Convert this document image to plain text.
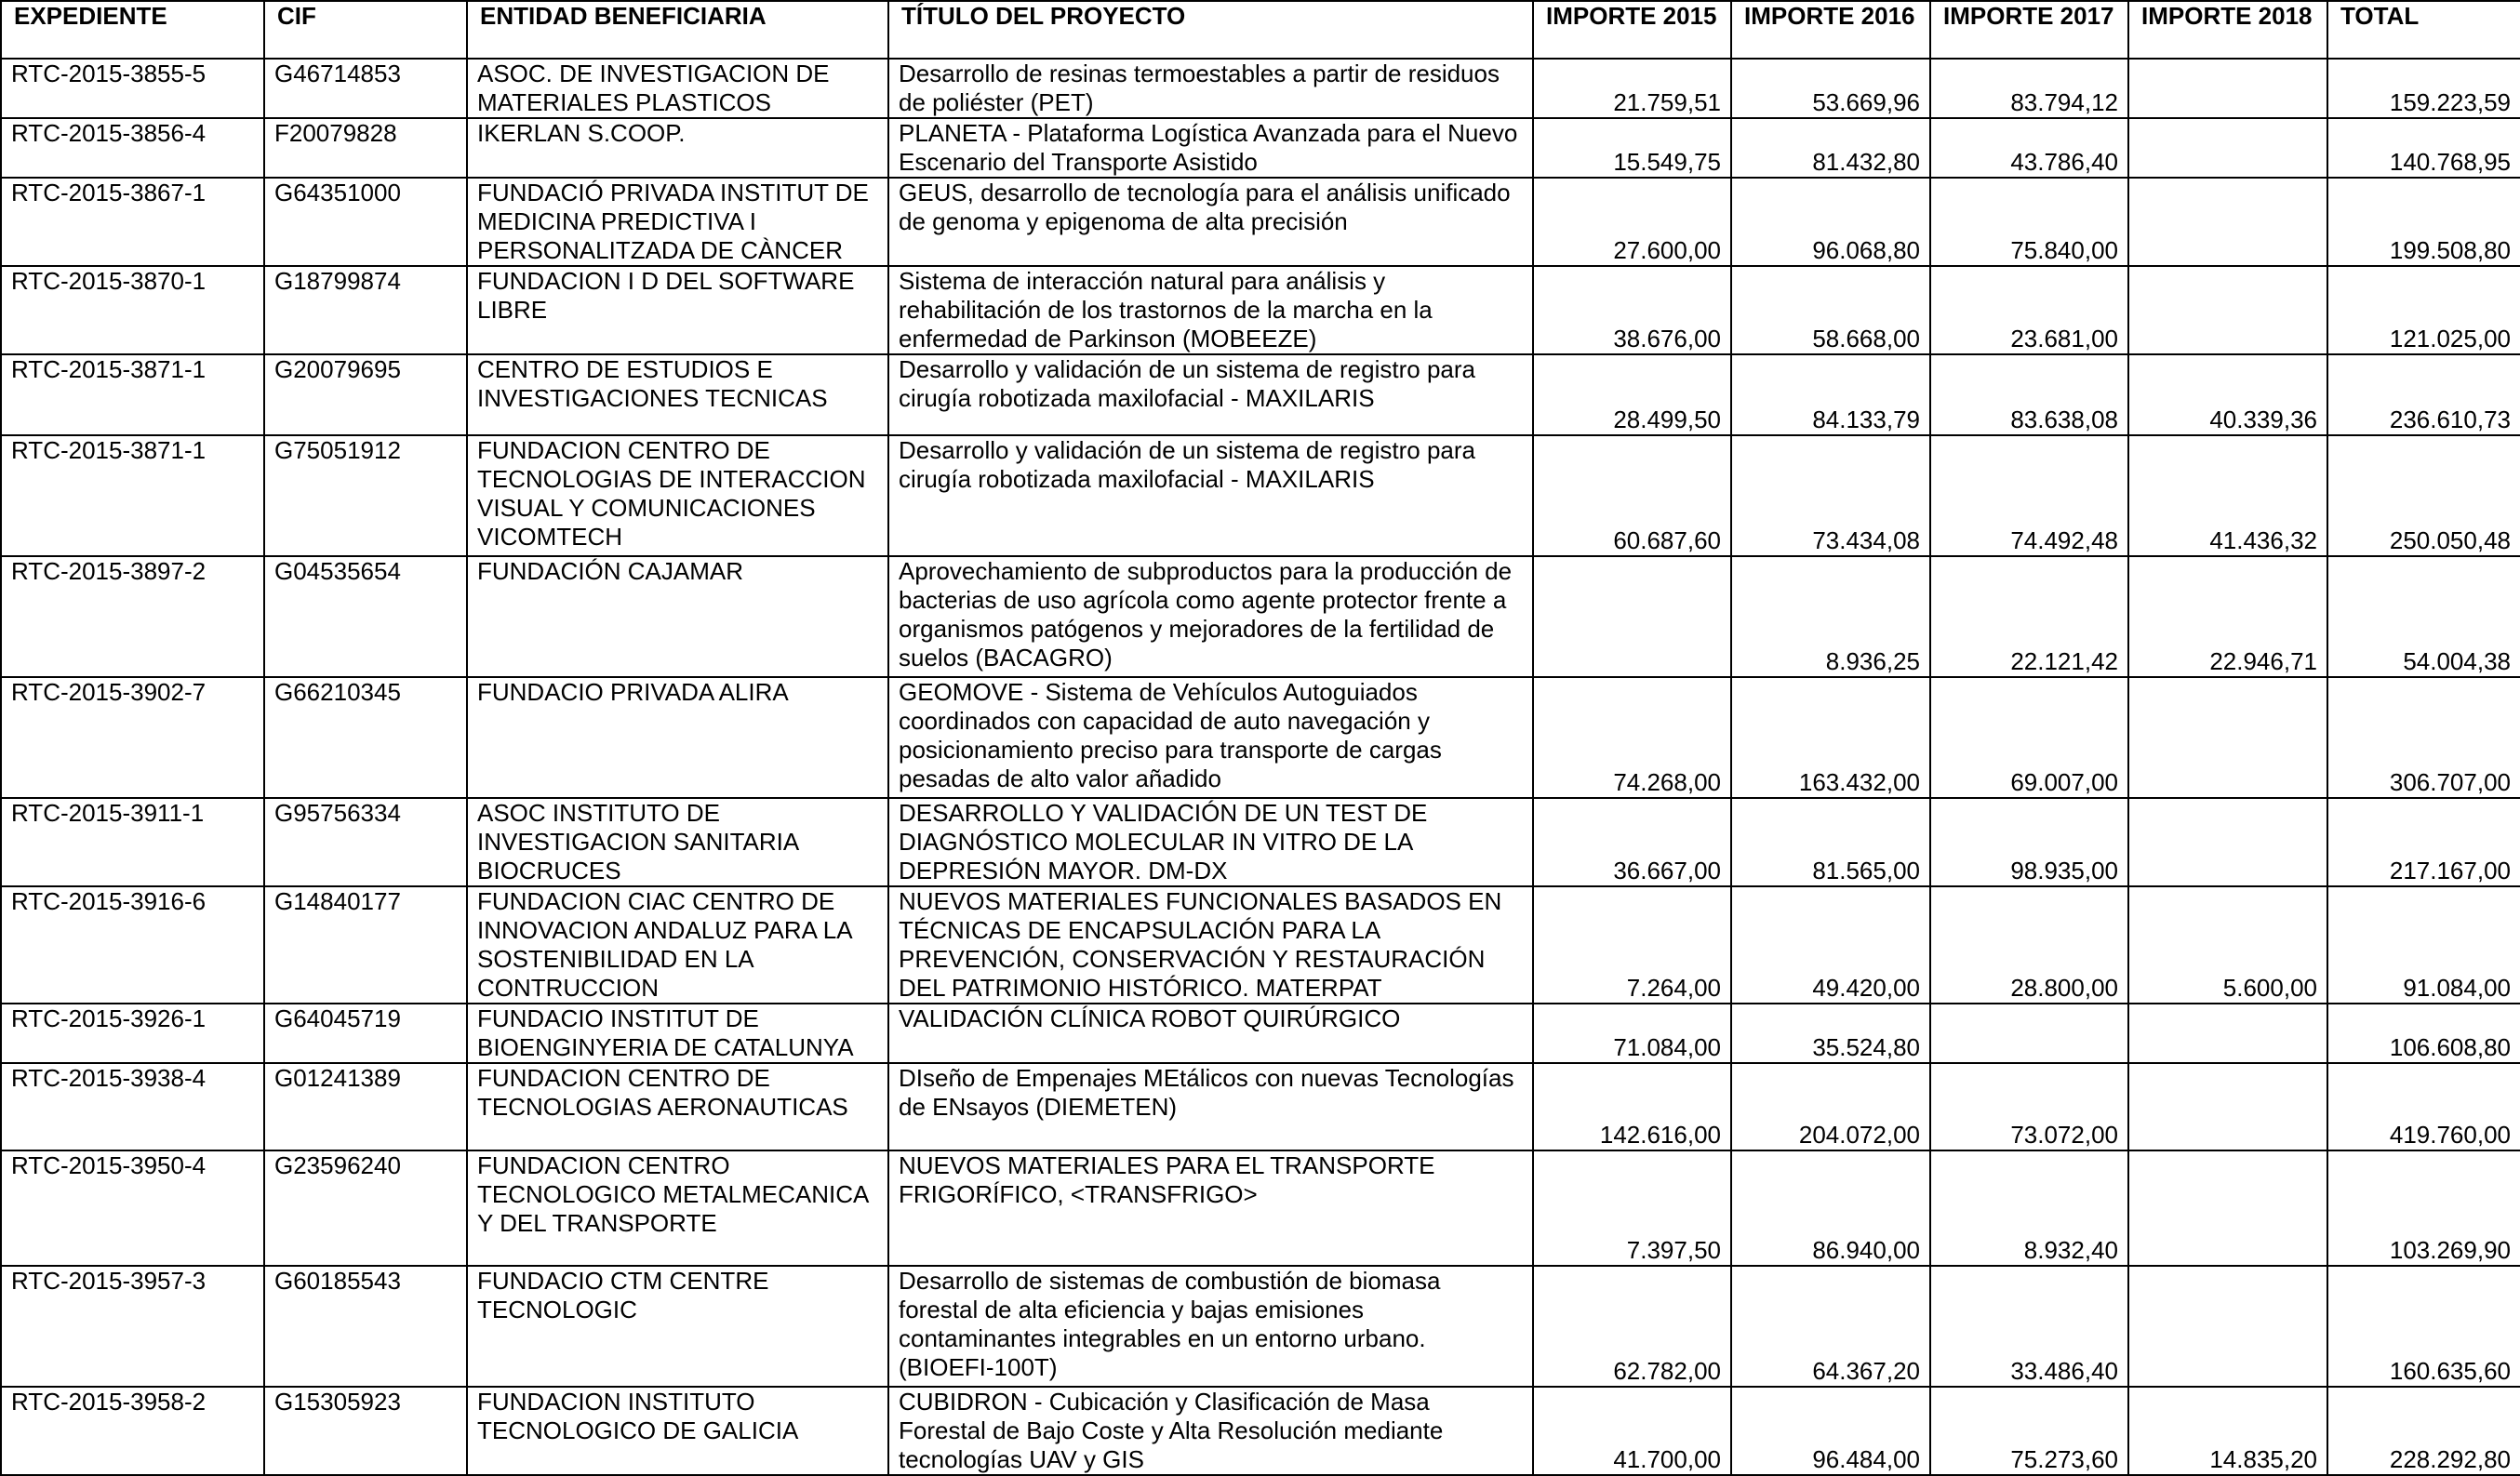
EXPEDIENTE	CIF	ENTIDAD BENEFICIARIA	TÍTULO DEL PROYECTO	IMPORTE 2015	IMPORTE 2016	IMPORTE 2017	IMPORTE 2018	TOTAL
RTC-2015-3855-5	G46714853	ASOC. DE INVESTIGACION DE MATERIALES PLASTICOS	Desarrollo de resinas termoestables a partir de residuos de poliéster (PET)	21.759,51	53.669,96	83.794,12		159.223,59
RTC-2015-3856-4	F20079828	IKERLAN S.COOP.	PLANETA - Plataforma Logística Avanzada para el Nuevo Escenario del Transporte Asistido	15.549,75	81.432,80	43.786,40		140.768,95
RTC-2015-3867-1	G64351000	FUNDACIÓ PRIVADA INSTITUT DE MEDICINA PREDICTIVA I PERSONALITZADA DE CÀNCER	GEUS, desarrollo de tecnología para el análisis unificado de genoma y epigenoma de alta precisión	27.600,00	96.068,80	75.840,00		199.508,80
RTC-2015-3870-1	G18799874	FUNDACION I D DEL SOFTWARE LIBRE	Sistema de interacción natural para análisis y rehabilitación de los trastornos de la marcha en la enfermedad de Parkinson (MOBEEZE)	38.676,00	58.668,00	23.681,00		121.025,00
RTC-2015-3871-1	G20079695	CENTRO DE ESTUDIOS E INVESTIGACIONES TECNICAS	Desarrollo y validación de un sistema de registro para cirugía robotizada maxilofacial - MAXILARIS	28.499,50	84.133,79	83.638,08	40.339,36	236.610,73
RTC-2015-3871-1	G75051912	FUNDACION CENTRO DE TECNOLOGIAS DE INTERACCION VISUAL Y COMUNICACIONES VICOMTECH	Desarrollo y validación de un sistema de registro para cirugía robotizada maxilofacial - MAXILARIS	60.687,60	73.434,08	74.492,48	41.436,32	250.050,48
RTC-2015-3897-2	G04535654	FUNDACIÓN CAJAMAR	Aprovechamiento de subproductos para la producción de bacterias de uso agrícola como agente protector frente a organismos patógenos y mejoradores de la fertilidad de suelos (BACAGRO)		8.936,25	22.121,42	22.946,71	54.004,38
RTC-2015-3902-7	G66210345	FUNDACIO PRIVADA ALIRA	GEOMOVE - Sistema de Vehículos Autoguiados coordinados con capacidad de auto navegación y posicionamiento preciso para transporte de cargas pesadas de alto valor añadido	74.268,00	163.432,00	69.007,00		306.707,00
RTC-2015-3911-1	G95756334	ASOC INSTITUTO DE INVESTIGACION SANITARIA BIOCRUCES	DESARROLLO Y VALIDACIÓN DE UN TEST DE DIAGNÓSTICO MOLECULAR IN VITRO DE LA DEPRESIÓN MAYOR. DM-DX	36.667,00	81.565,00	98.935,00		217.167,00
RTC-2015-3916-6	G14840177	FUNDACION CIAC CENTRO DE INNOVACION ANDALUZ PARA LA SOSTENIBILIDAD EN LA CONTRUCCION	NUEVOS MATERIALES FUNCIONALES BASADOS EN TÉCNICAS DE ENCAPSULACIÓN PARA LA PREVENCIÓN, CONSERVACIÓN Y RESTAURACIÓN DEL PATRIMONIO HISTÓRICO. MATERPAT	7.264,00	49.420,00	28.800,00	5.600,00	91.084,00
RTC-2015-3926-1	G64045719	FUNDACIO INSTITUT DE BIOENGINYERIA DE CATALUNYA	VALIDACIÓN CLÍNICA ROBOT QUIRÚRGICO	71.084,00	35.524,80			106.608,80
RTC-2015-3938-4	G01241389	FUNDACION CENTRO DE TECNOLOGIAS AERONAUTICAS	DIseño de Empenajes MEtálicos con nuevas Tecnologías de ENsayos (DIEMETEN)	142.616,00	204.072,00	73.072,00		419.760,00
RTC-2015-3950-4	G23596240	FUNDACION CENTRO TECNOLOGICO METALMECANICA Y DEL TRANSPORTE	NUEVOS MATERIALES PARA EL TRANSPORTE FRIGORÍFICO, <TRANSFRIGO>	7.397,50	86.940,00	8.932,40		103.269,90
RTC-2015-3957-3	G60185543	FUNDACIO CTM CENTRE TECNOLOGIC	Desarrollo de sistemas de combustión de biomasa forestal de alta eficiencia y bajas emisiones contaminantes integrables en un entorno urbano. (BIOEFI-100T)	62.782,00	64.367,20	33.486,40		160.635,60
RTC-2015-3958-2	G15305923	FUNDACION INSTITUTO TECNOLOGICO DE GALICIA	CUBIDRON - Cubicación y Clasificación de Masa Forestal de Bajo Coste y Alta Resolución mediante tecnologías UAV y GIS	41.700,00	96.484,00	75.273,60	14.835,20	228.292,80
